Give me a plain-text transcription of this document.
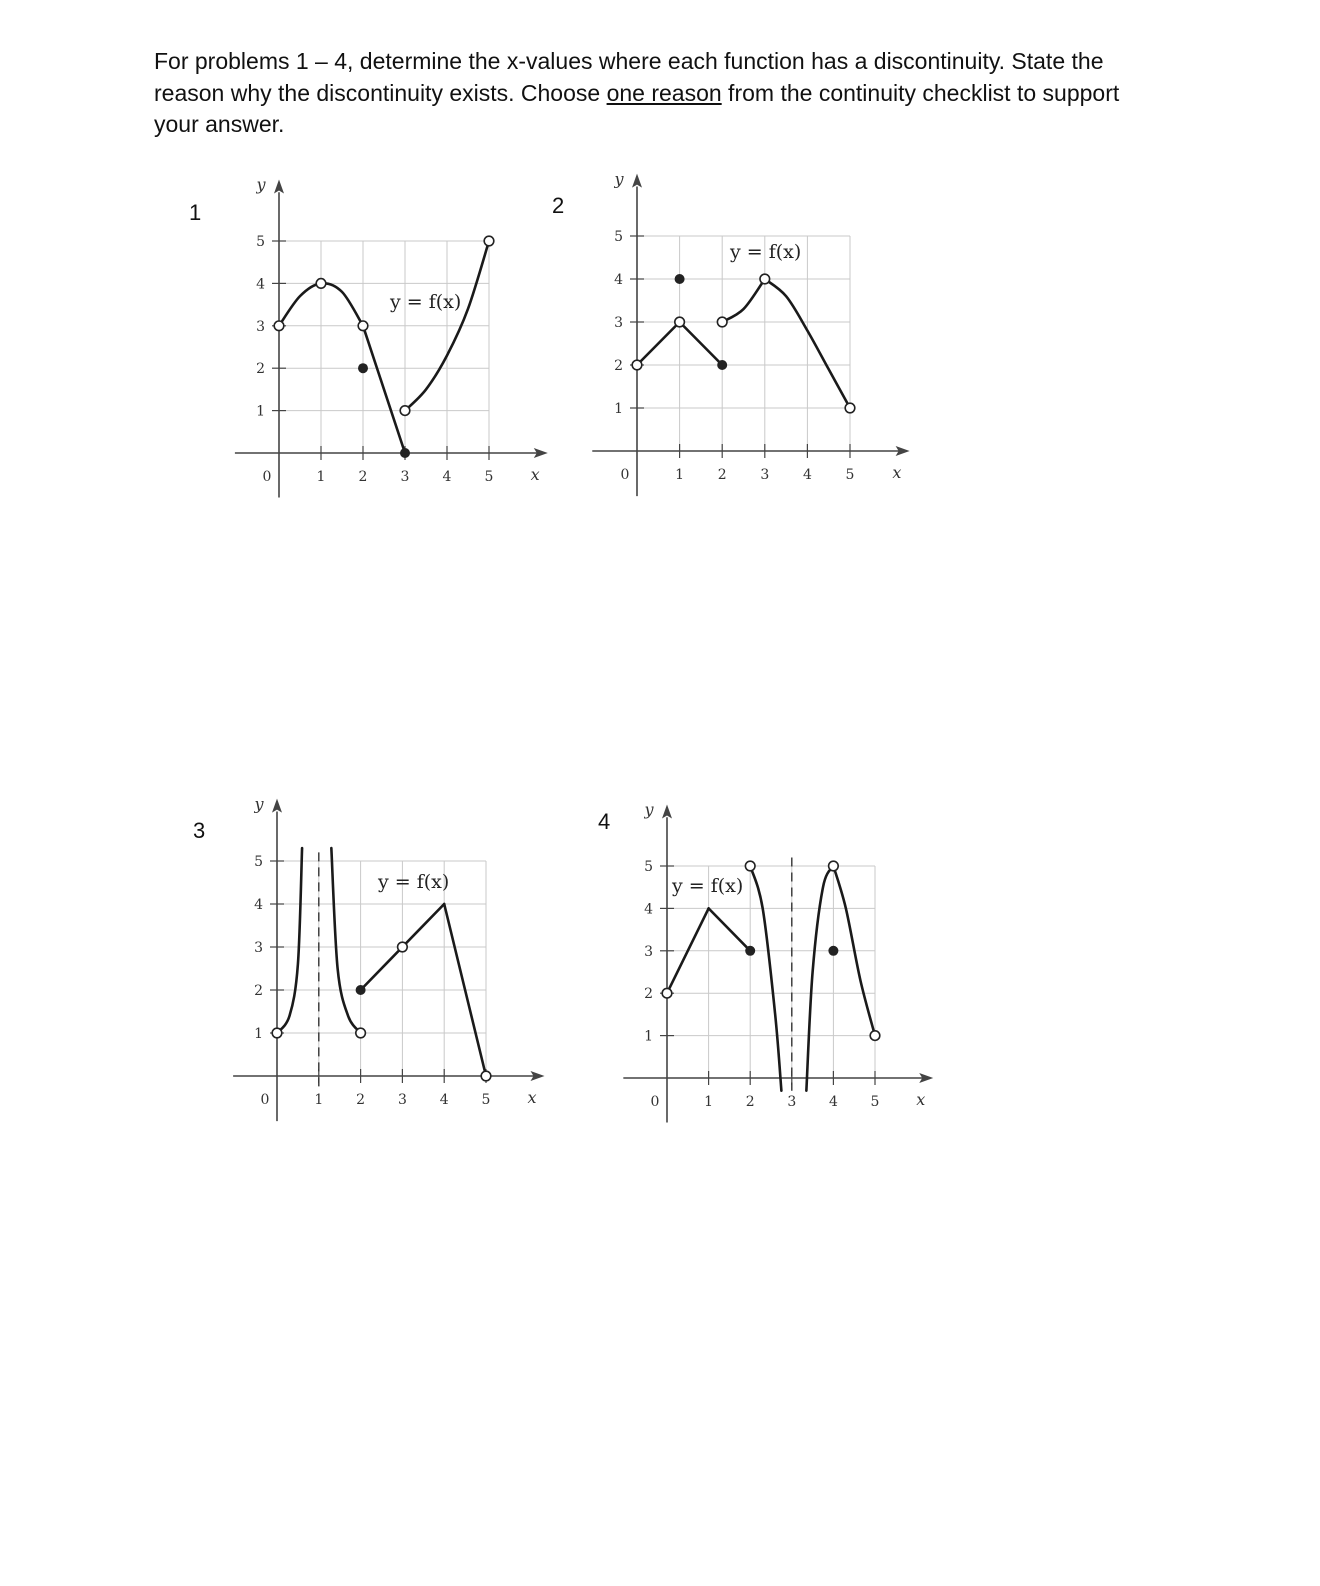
For problems 1 – 4, determine the x-values where each function has a discontinuity. State the reason why the discontinuity exists. Choose one reason from the continuity checklist to support your answer.

1	2
3	4
1 2 3 4 5
1
2
3
4
5
0	x
y
y = f(x)
1 2 3 4 5
1
2
3
4
5
0	x
y
y = f(x)
1 2 3 4 5
1
2
3
4
5
0	x
y
y = f(x)
1 2 3 4 5
1
2
3
4
5
0	x
y
y = f(x)
